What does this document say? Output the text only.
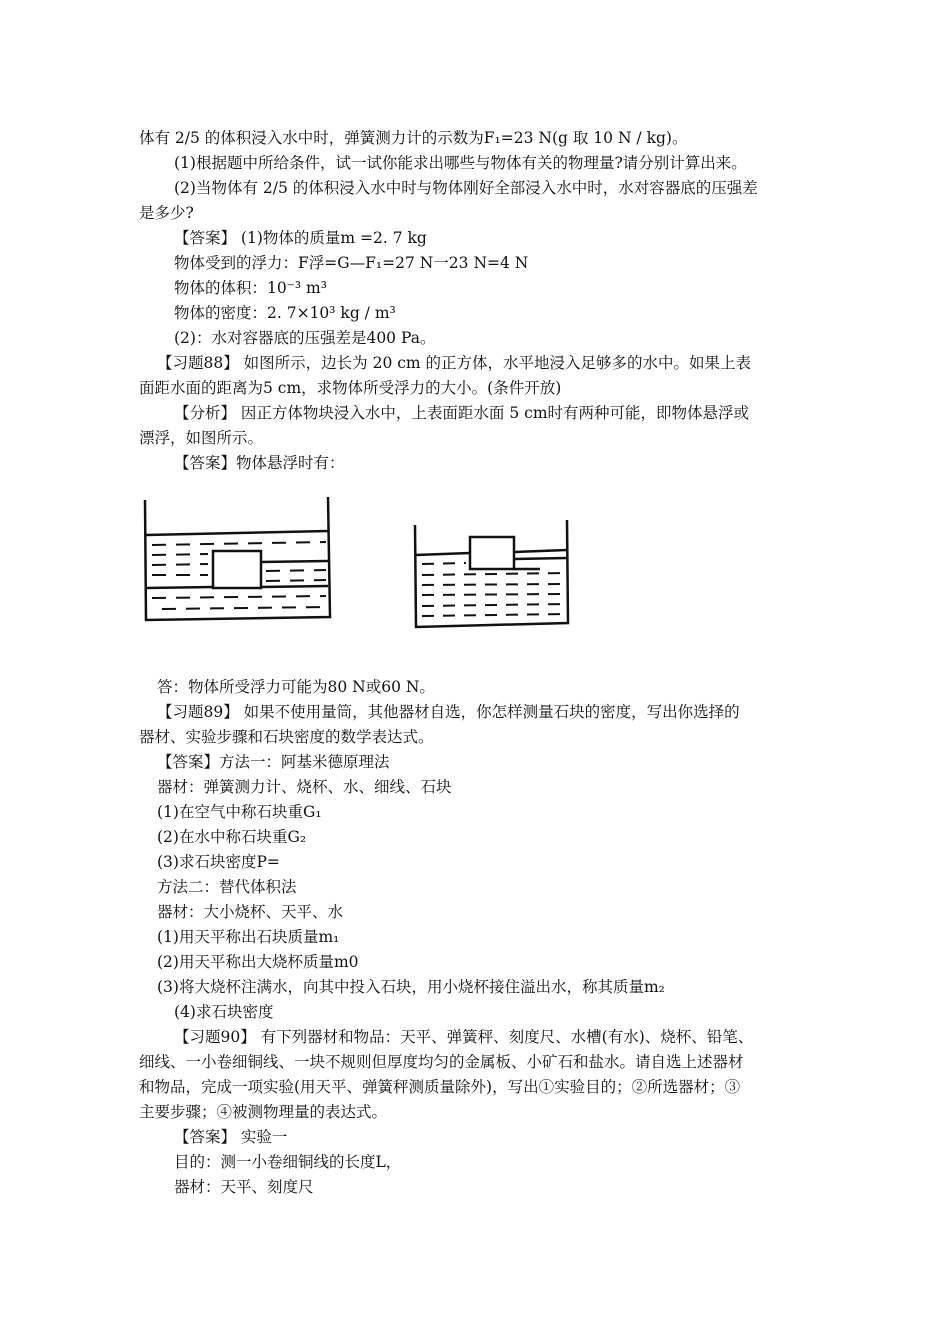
体有 2/5 的体积浸入水中时，弹簧测力计的示数为F₁=23 N(g 取 10 N / kg)。
(1)根据题中所给条件，试一试你能求出哪些与物体有关的物理量?请分别计算出来。
(2)当物体有 2/5 的体积浸入水中时与物体刚好全部浸入水中时，水对容器底的压强差
是多少?
【答案】 (1)物体的质量m =2. 7 kg
物体受到的浮力：F浮=G—F₁=27 N一23 N=4 N
物体的体积：10⁻³ m³
物体的密度：2. 7×10³ kg / m³
(2)：水对容器底的压强差是400 Pa。
【习题88】 如图所示，边长为 20 cm 的正方体，水平地浸入足够多的水中。如果上表
面距水面的距离为5 cm，求物体所受浮力的大小。(条件开放)
【分析】 因正方体物块浸入水中，上表面距水面 5 cm时有两种可能，即物体悬浮或
漂浮，如图所示。
【答案】物体悬浮时有：
答：物体所受浮力可能为80 N或60 N。
【习题89】 如果不使用量筒，其他器材自选，你怎样测量石块的密度，写出你选择的
器材、实验步骤和石块密度的数学表达式。
【答案】方法一：阿基米德原理法
器材：弹簧测力计、烧杯、水、细线、石块
(1)在空气中称石块重G₁
(2)在水中称石块重G₂
(3)求石块密度P=
方法二：替代体积法
器材：大小烧杯、天平、水
(1)用天平称出石块质量m₁
(2)用天平称出大烧杯质量m0
(3)将大烧杯注满水，向其中投入石块，用小烧杯接住溢出水，称其质量m₂
(4)求石块密度
【习题90】 有下列器材和物品：天平、弹簧秤、刻度尺、水槽(有水)、烧杯、铅笔、
细线、一小卷细铜线、一块不规则但厚度均匀的金属板、小矿石和盐水。请自选上述器材
和物品，完成一项实验(用天平、弹簧秤测质量除外)，写出①实验目的；②所选器材；③
主要步骤；④被测物理量的表达式。
【答案】 实验一
目的：测一小卷细铜线的长度L，
器材：天平、刻度尺
